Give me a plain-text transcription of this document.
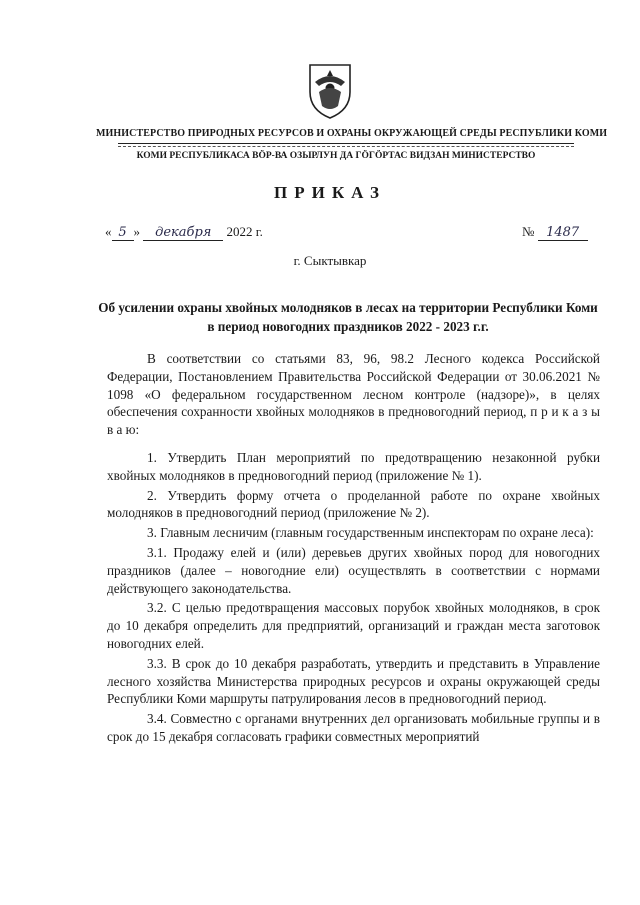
МИНИСТЕРСТВО ПРИРОДНЫХ РЕСУРСОВ И ОХРАНЫ ОКРУЖАЮЩЕЙ СРЕДЫ РЕСПУБЛИКИ КОМИ
КОМИ РЕСПУБЛИКАСА ВӦР-ВА ОЗЫРЛУН ДА ГӦГӦРТАС ВИДЗАН МИНИСТЕРСТВО
ПРИКАЗ
« 5 » декабря 2022 г.	№ 1487
г. Сыктывкар
Об усилении охраны хвойных молодняков в лесах на территории Республики Коми в период новогодних праздников 2022 - 2023 г.г.

В соответствии со статьями 83, 96, 98.2 Лесного кодекса Российской Федерации, Постановлением Правительства Российской Федерации от 30.06.2021 № 1098 «О федеральном государственном лесном контроле (надзоре)», в целях обеспечения сохранности хвойных молодняков в предновогодний период, п р и к а з ы в а ю:

1. Утвердить План мероприятий по предотвращению незаконной рубки хвойных молодняков в предновогодний период (приложение № 1).

2. Утвердить форму отчета о проделанной работе по охране хвойных молодняков в предновогодний период (приложение № 2).

3. Главным лесничим (главным государственным инспекторам по охране леса):

3.1. Продажу елей и (или) деревьев других хвойных пород для новогодних праздников (далее – новогодние ели) осуществлять в соответствии с нормами действующего законодательства.

3.2. С целью предотвращения массовых порубок хвойных молодняков, в срок до 10 декабря определить для предприятий, организаций и граждан места заготовок новогодних елей.

3.3. В срок до 10 декабря разработать, утвердить и представить в Управление лесного хозяйства Министерства природных ресурсов и охраны окружающей среды Республики Коми маршруты патрулирования лесов в предновогодний период.

3.4. Совместно с органами внутренних дел организовать мобильные группы и в срок до 15 декабря согласовать графики совместных мероприятий
